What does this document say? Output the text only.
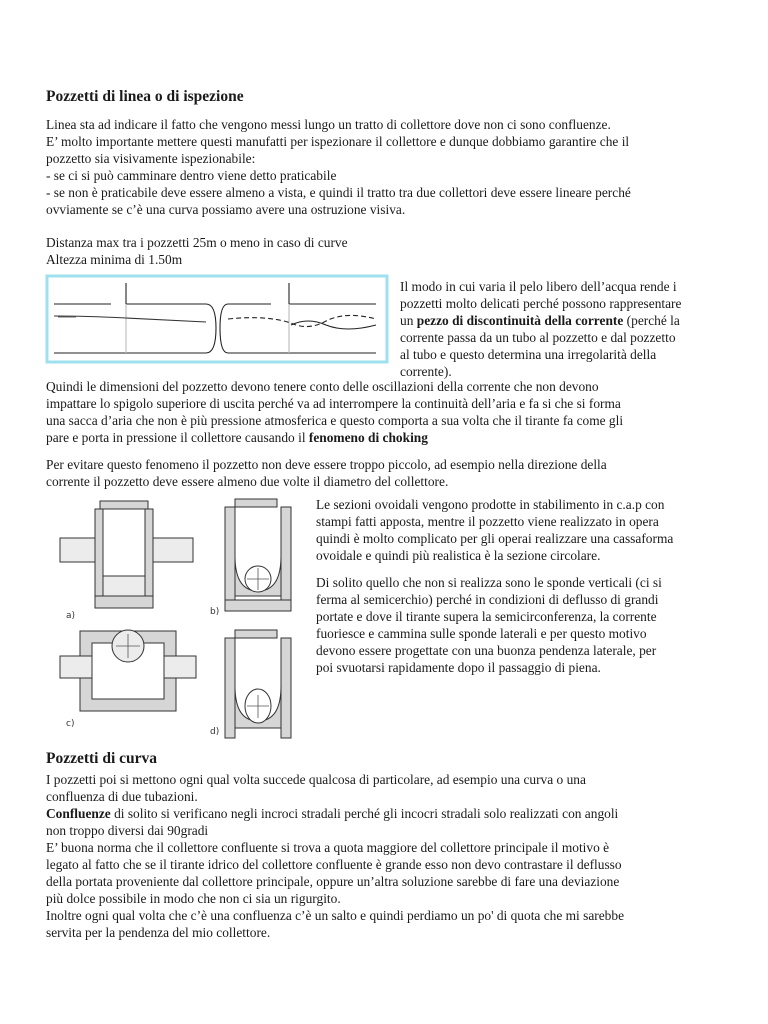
Pozzetti di linea o di ispezione

Linea sta ad indicare il fatto che vengono messi lungo un tratto di collettore dove non ci sono confluenze.
E’ molto importante mettere questi manufatti per ispezionare il collettore e dunque dobbiamo garantire che il
pozzetto sia visivamente ispezionabile:
- se ci si può camminare dentro viene detto praticabile
- se non è praticabile deve essere almeno a vista, e quindi il tratto tra due collettori deve essere lineare perché
ovviamente se c’è una curva possiamo avere una ostruzione visiva.

Distanza max tra i pozzetti 25m o meno in caso di curve
Altezza minima di 1.50m

Il modo in cui varia il pelo libero dell’acqua rende i
pozzetti molto delicati perché possono rappresentare
un pezzo di discontinuità della corrente (perché la
corrente passa da un tubo al pozzetto e dal pozzetto
al tubo e questo determina una irregolarità della
corrente).

Quindi le dimensioni del pozzetto devono tenere conto delle oscillazioni della corrente che non devono
impattare lo spigolo superiore di uscita perché va ad interrompere la continuità dell’aria e fa si che si forma
una sacca d’aria che non è più pressione atmosferica e questo comporta a sua volta che il tirante fa come gli
pare e porta in pressione il collettore causando il fenomeno di choking

Per evitare questo fenomeno il pozzetto non deve essere troppo piccolo, ad esempio nella direzione della
corrente il pozzetto deve essere almeno due volte il diametro del collettore.

a)	b)
c)
d)

Le sezioni ovoidali vengono prodotte in stabilimento in c.a.p con
stampi fatti apposta, mentre il pozzetto viene realizzato in opera
quindi è molto complicato per gli operai realizzare una cassaforma
ovoidale e quindi più realistica è la sezione circolare.

Di solito quello che non si realizza sono le sponde verticali (ci si
ferma al semicerchio) perché in condizioni di deflusso di grandi
portate e dove il tirante supera la semicirconferenza, la corrente
fuoriesce e cammina sulle sponde laterali e per questo motivo
devono essere progettate con una buonza pendenza laterale, per
poi svuotarsi rapidamente dopo il passaggio di piena.

Pozzetti di curva

I pozzetti poi si mettono ogni qual volta succede qualcosa di particolare, ad esempio una curva o una
confluenza di due tubazioni.
Confluenze di solito si verificano negli incroci stradali perché gli incocri stradali solo realizzati con angoli
non troppo diversi dai 90gradi
E’ buona norma che il collettore confluente si trova a quota maggiore del collettore principale il motivo è
legato al fatto che se il tirante idrico del collettore confluente è grande esso non devo contrastare il deflusso
della portata proveniente dal collettore principale, oppure un’altra soluzione sarebbe di fare una deviazione
più dolce possibile in modo che non ci sia un rigurgito.
Inoltre ogni qual volta che c’è una confluenza c’è un salto e quindi perdiamo un po' di quota che mi sarebbe
servita per la pendenza del mio collettore.
